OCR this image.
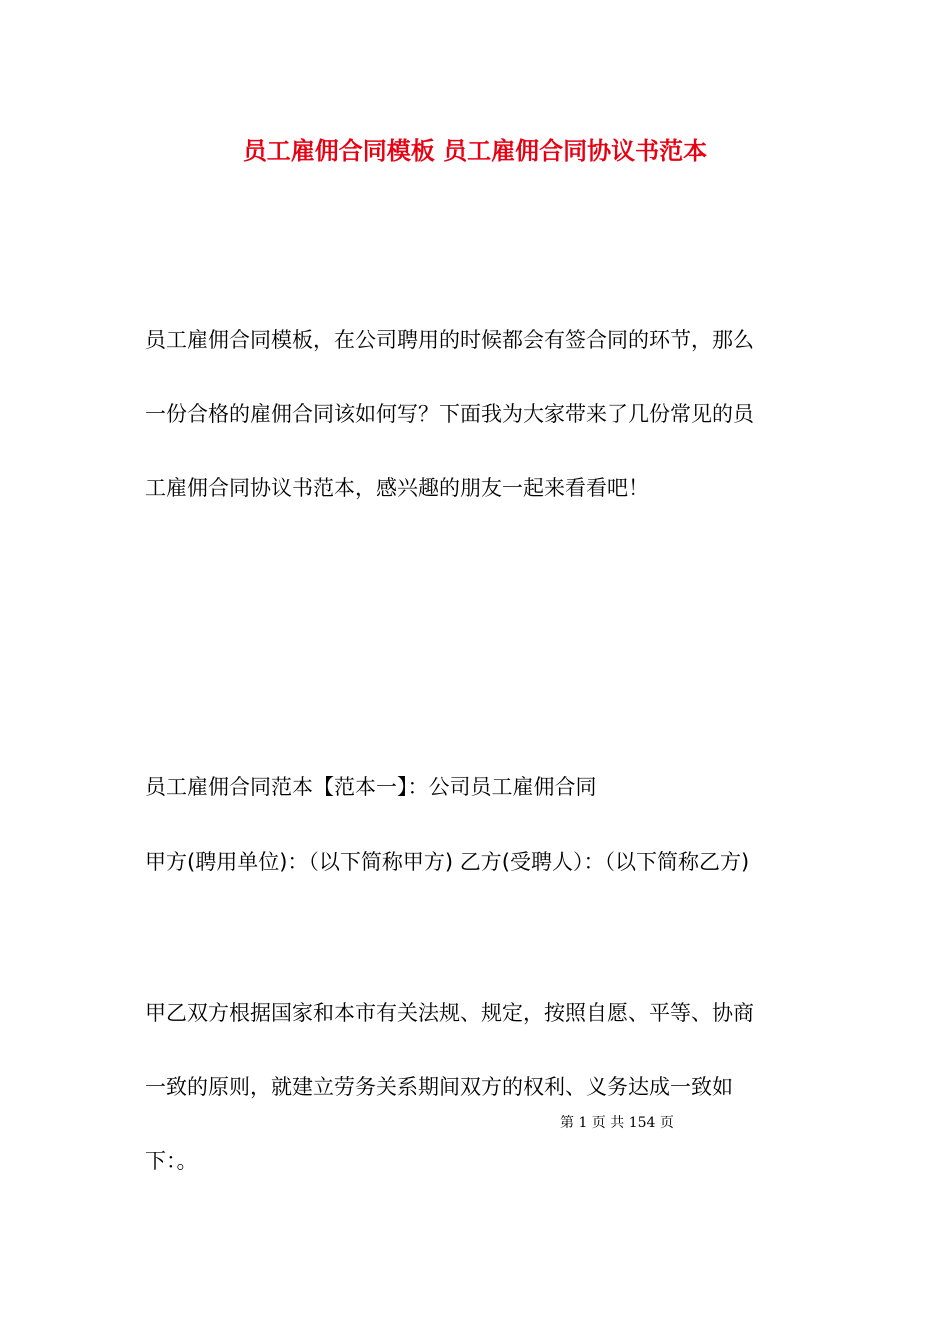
员工雇佣合同模板 员工雇佣合同协议书范本
员工雇佣合同模板，在公司聘用的时候都会有签合同的环节，那么
一份合格的雇佣合同该如何写？下面我为大家带来了几份常见的员
工雇佣合同协议书范本，感兴趣的朋友一起来看看吧！
员工雇佣合同范本【范本一】：公司员工雇佣合同
甲方(聘用单位)：（以下简称甲方) 乙方(受聘人）：（以下简称乙方)
甲乙双方根据国家和本市有关法规、规定，按照自愿、平等、协商
一致的原则，就建立劳务关系期间双方的权利、义务达成一致如
下：。
第 1 页 共 154 页
